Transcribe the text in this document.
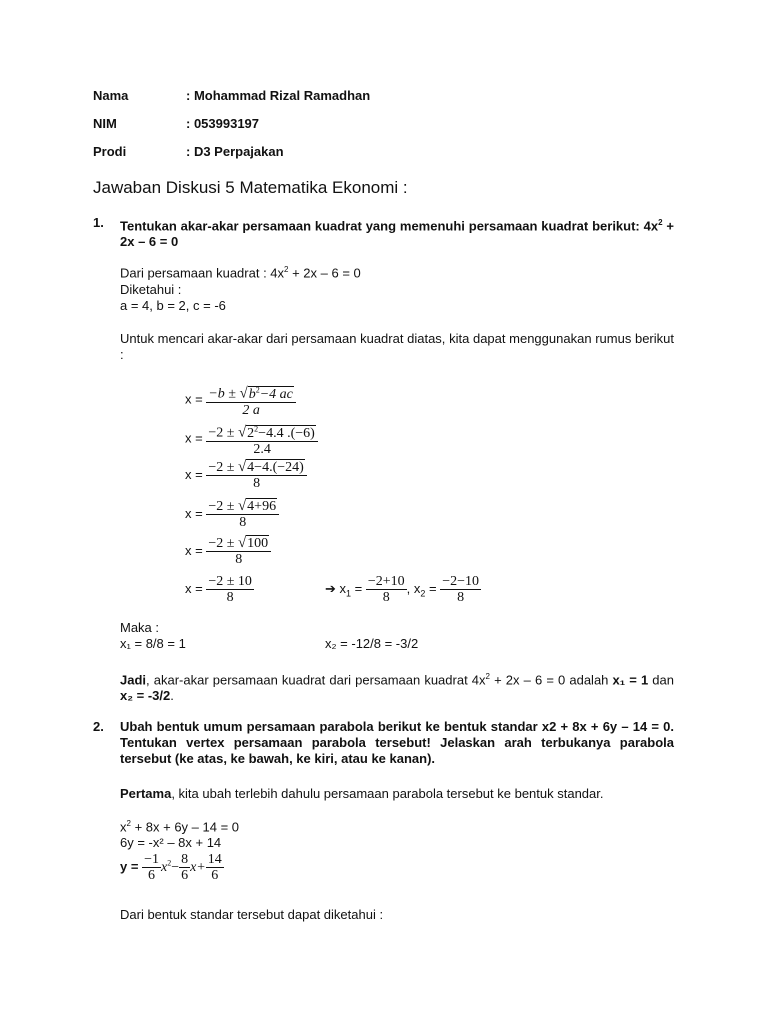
Nama	: Mohammad Rizal Ramadhan
NIM	: 053993197
Prodi	: D3 Perpajakan
Jawaban Diskusi 5 Matematika Ekonomi :
1. Tentukan akar-akar persamaan kuadrat yang memenuhi persamaan kuadrat berikut: $4x^2 + 2x - 6 = 0$
Dari persamaan kuadrat : $4x^2 + 2x - 6 = 0$
Diketahui :
a = 4, b = 2, c = -6
Untuk mencari akar-akar dari persamaan kuadrat diatas, kita dapat menggunakan rumus berikut :
$x = \frac{-b \pm √b^2-4 ac}{2 a}$
$x = \frac{-2 \pm √2^2-4.4 .(-6)}{2.4}$
$x = \frac{-2 \pm √4-4.(-24)}{8}$
$x = \frac{-2 \pm √4+96}{8}$
$x = \frac{-2 \pm √100}{8}$
$x = \frac{-2 \pm 10}{8}$	➔ $x_1 = \frac{-2+10}{8}$ , $x_2 = \frac{-2-10}{8}$
Maka :
x₁ = 8/8 = 1	x₂ = -12/8 = -3/2
Jadi, akar-akar persamaan kuadrat dari persamaan kuadrat $4x^2 + 2x - 6 = 0$ adalah x₁ = 1 dan x₂ = -3/2.
2. Ubah bentuk umum persamaan parabola berikut ke bentuk standar x2 + 8x + 6y – 14 = 0. Tentukan vertex persamaan parabola tersebut! Jelaskan arah terbukanya parabola tersebut (ke atas, ke bawah, ke kiri, atau ke kanan).
Pertama, kita ubah terlebih dahulu persamaan parabola tersebut ke bentuk standar.
$x^2 + 8x + 6y - 14 = 0$
6y = -x² – 8x + 14
$y = \frac{-1}{6} x^2- \frac{8}{6} x+ \frac{14}{6}$
Dari bentuk standar tersebut dapat diketahui :
